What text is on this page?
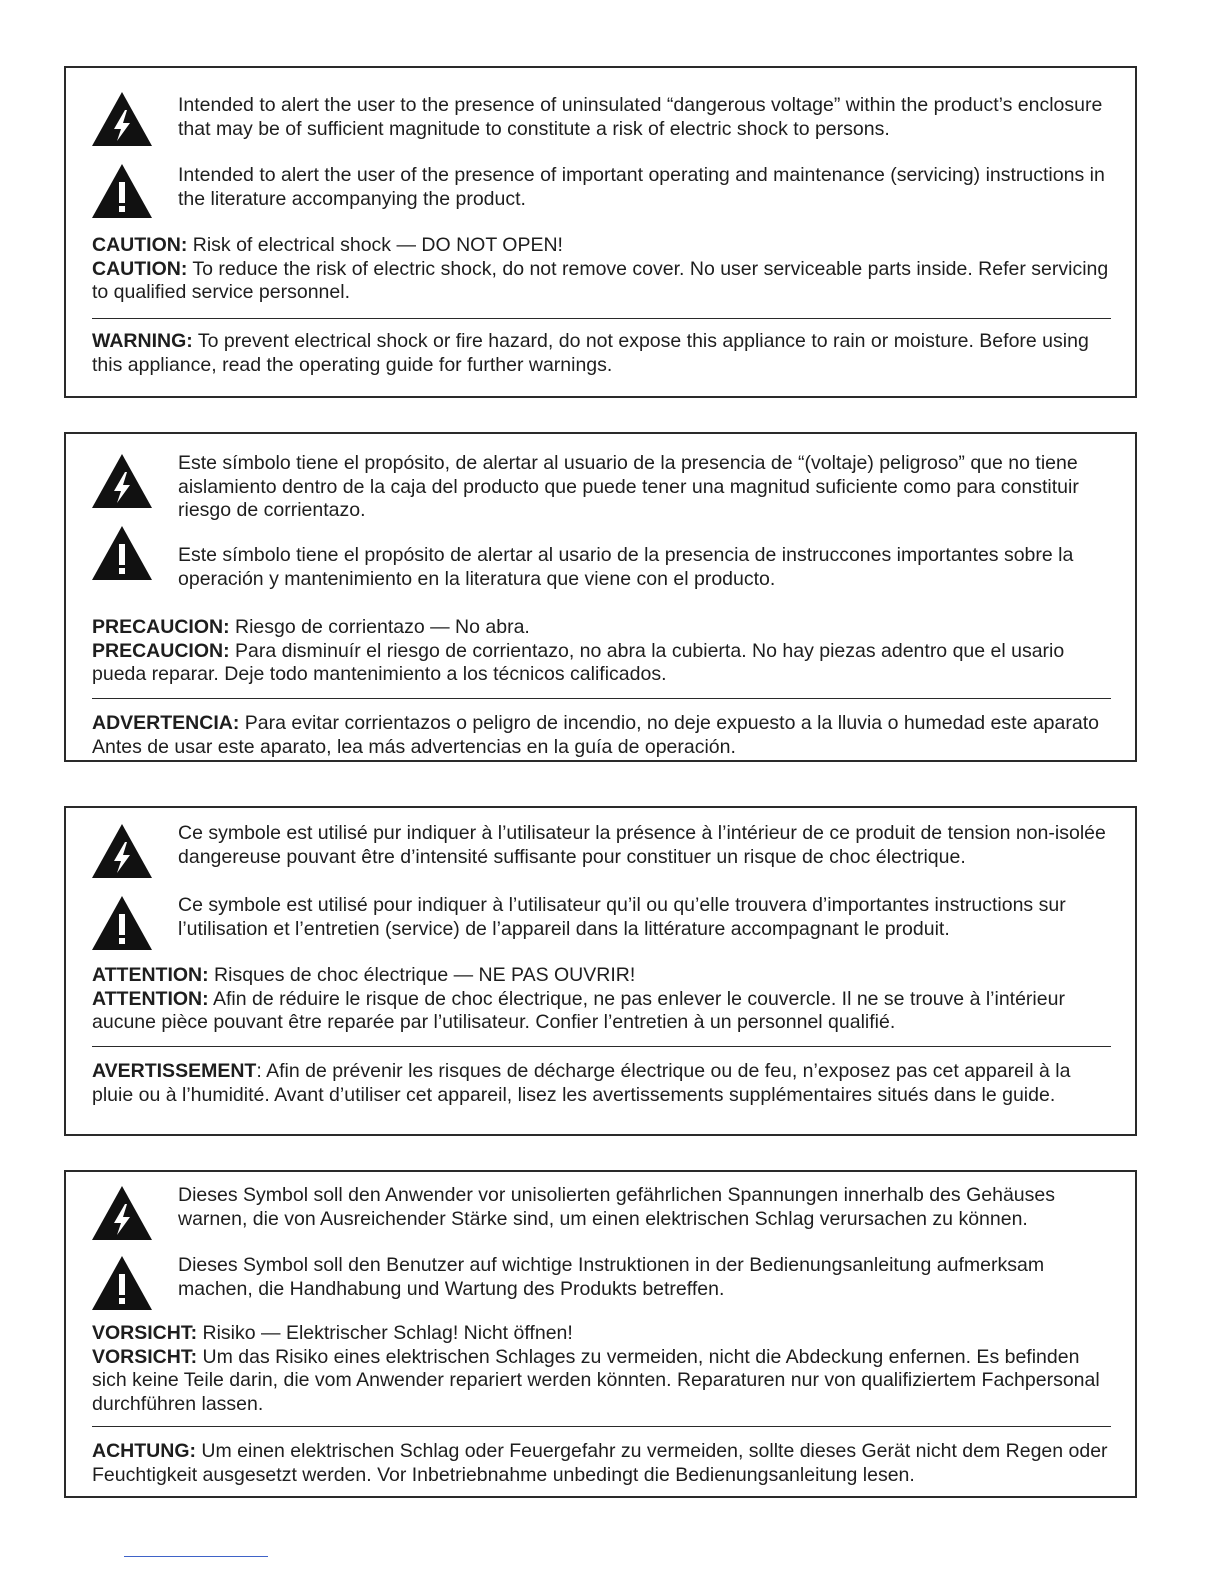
Intended to alert the user to the presence of uninsulated “dangerous voltage” within the product’s enclosure that may be of sufficient magnitude to constitute a risk of electric shock to persons.

Intended to alert the user of the presence of important operating and maintenance (servicing) instructions in the literature accompanying the product.

CAUTION: Risk of electrical shock — DO NOT OPEN!

CAUTION: To reduce the risk of electric shock, do not remove cover. No user serviceable parts inside. Refer servicing to qualified service personnel.

WARNING: To prevent electrical shock or fire hazard, do not expose this appliance to rain or moisture. Before using this appliance, read the operating guide for further warnings.

Este símbolo tiene el propósito, de alertar al usuario de la presencia de “(voltaje) peligroso” que no tiene aislamiento dentro de la caja del producto que puede tener una magnitud suficiente como para constituir riesgo de corrientazo.

Este símbolo tiene el propósito de alertar al usario de la presencia de instruccones importantes sobre la operación y mantenimiento en la literatura que viene con el producto.

PRECAUCION: Riesgo de corrientazo — No abra.

PRECAUCION: Para disminuír el riesgo de corrientazo, no abra la cubierta. No hay piezas adentro que el usario pueda reparar. Deje todo mantenimiento a los técnicos calificados.

ADVERTENCIA: Para evitar corrientazos o peligro de incendio, no deje expuesto a la lluvia o humedad este aparato Antes de usar este aparato, lea más advertencias en la guía de operación.

Ce symbole est utilisé pur indiquer à l’utilisateur la présence à l’intérieur de ce produit de tension non-isolée dangereuse pouvant être d’intensité suffisante pour constituer un risque de choc électrique.

Ce symbole est utilisé pour indiquer à l’utilisateur qu’il ou qu’elle trouvera d’importantes instructions sur l’utilisation et l’entretien (service) de l’appareil dans la littérature accompagnant le produit.

ATTENTION: Risques de choc électrique — NE PAS OUVRIR!

ATTENTION: Afin de réduire le risque de choc électrique, ne pas enlever le couvercle. Il ne se trouve à l’intérieur aucune pièce pouvant être reparée par l’utilisateur. Confier l’entretien à un personnel qualifié.

AVERTISSEMENT: Afin de prévenir les risques de décharge électrique ou de feu, n’exposez pas cet appareil à la pluie ou à l’humidité. Avant d’utiliser cet appareil, lisez les avertissements supplémentaires situés dans le guide.

Dieses Symbol soll den Anwender vor unisolierten gefährlichen Spannungen innerhalb des Gehäuses warnen, die von Ausreichender Stärke sind, um einen elektrischen Schlag verursachen zu können.

Dieses Symbol soll den Benutzer auf wichtige Instruktionen in der Bedienungsanleitung aufmerksam machen, die Handhabung und Wartung des Produkts betreffen.

VORSICHT: Risiko — Elektrischer Schlag! Nicht öffnen!

VORSICHT: Um das Risiko eines elektrischen Schlages zu vermeiden, nicht die Abdeckung enfernen. Es befinden sich keine Teile darin, die vom Anwender repariert werden könnten. Reparaturen nur von qualifiziertem Fachpersonal durchführen lassen.

ACHTUNG: Um einen elektrischen Schlag oder Feuergefahr zu vermeiden, sollte dieses Gerät nicht dem Regen oder Feuchtigkeit ausgesetzt werden. Vor Inbetriebnahme unbedingt die Bedienungsanleitung lesen.
